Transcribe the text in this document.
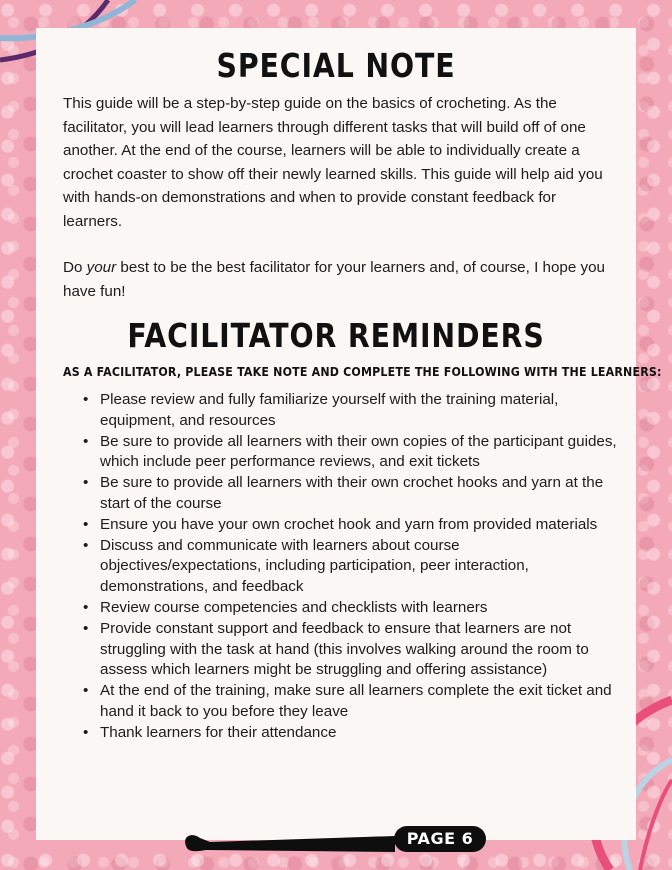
SPECIAL NOTE

This guide will be a step-by-step guide on the basics of crocheting. As the facilitator, you will lead learners through different tasks that will build off of one another. At the end of the course, learners will be able to individually create a crochet coaster to show off their newly learned skills. This guide will help aid you with hands-on demonstrations and when to provide constant feedback for learners.

Do your best to be the best facilitator for your learners and, of course, I hope you have fun!

FACILITATOR REMINDERS
AS A FACILITATOR, PLEASE TAKE NOTE AND COMPLETE THE FOLLOWING WITH THE LEARNERS:
• Please review and fully familiarize yourself with the training material, equipment, and resources
• Be sure to provide all learners with their own copies of the participant guides, which include peer performance reviews, and exit tickets
• Be sure to provide all learners with their own crochet hooks and yarn at the start of the course
• Ensure you have your own crochet hook and yarn from provided materials
• Discuss and communicate with learners about course objectives/expectations, including participation, peer interaction, demonstrations, and feedback
• Review course competencies and checklists with learners
• Provide constant support and feedback to ensure that learners are not struggling with the task at hand (this involves walking around the room to assess which learners might be struggling and offering assistance)
• At the end of the training, make sure all learners complete the exit ticket and hand it back to you before they leave
• Thank learners for their attendance
PAGE 6
